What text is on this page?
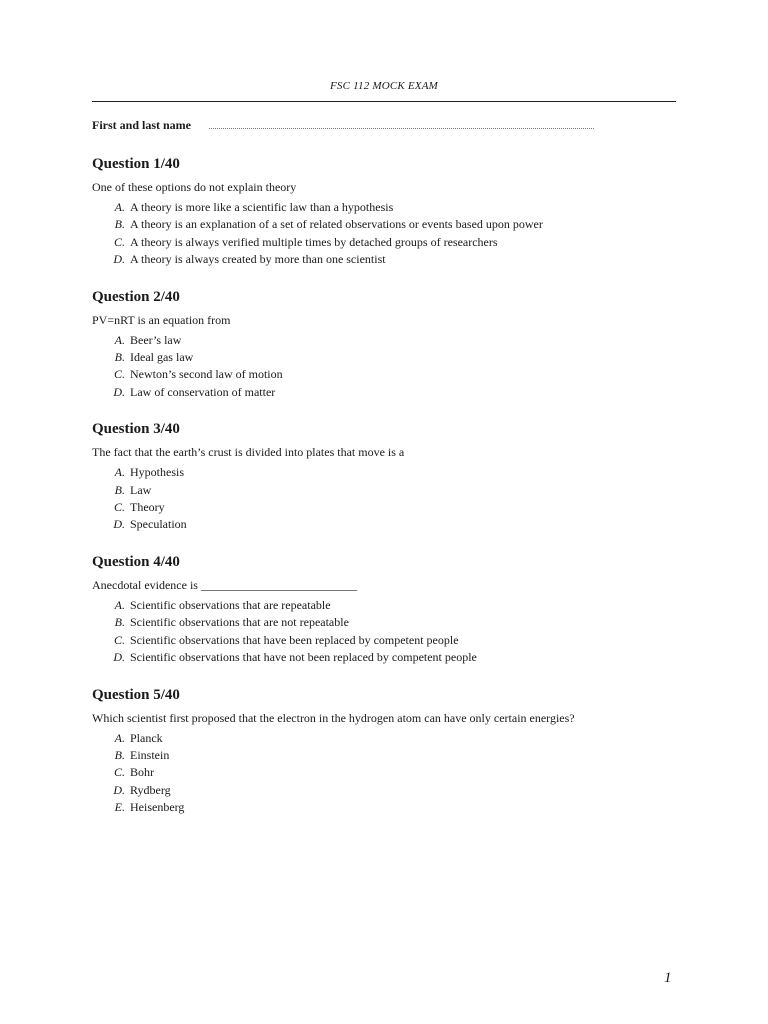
FSC 112 MOCK EXAM
First and last name
Question 1/40
One of these options do not explain theory
A. A theory is more like a scientific law than a hypothesis
B. A theory is an explanation of a set of related observations or events based upon power
C. A theory is always verified multiple times by detached groups of researchers
D. A theory is always created by more than one scientist
Question 2/40
PV=nRT is an equation from
A. Beer’s law
B. Ideal gas law
C. Newton’s second law of motion
D. Law of conservation of matter
Question 3/40
The fact that the earth’s crust is divided into plates that move is a
A. Hypothesis
B. Law
C. Theory
D. Speculation
Question 4/40
Anecdotal evidence is __________________________
A. Scientific observations that are repeatable
B. Scientific observations that are not repeatable
C. Scientific observations that have been replaced by competent people
D. Scientific observations that have not been replaced by competent people
Question 5/40
Which scientist first proposed that the electron in the hydrogen atom can have only certain energies?
A. Planck
B. Einstein
C. Bohr
D. Rydberg
E. Heisenberg
1
